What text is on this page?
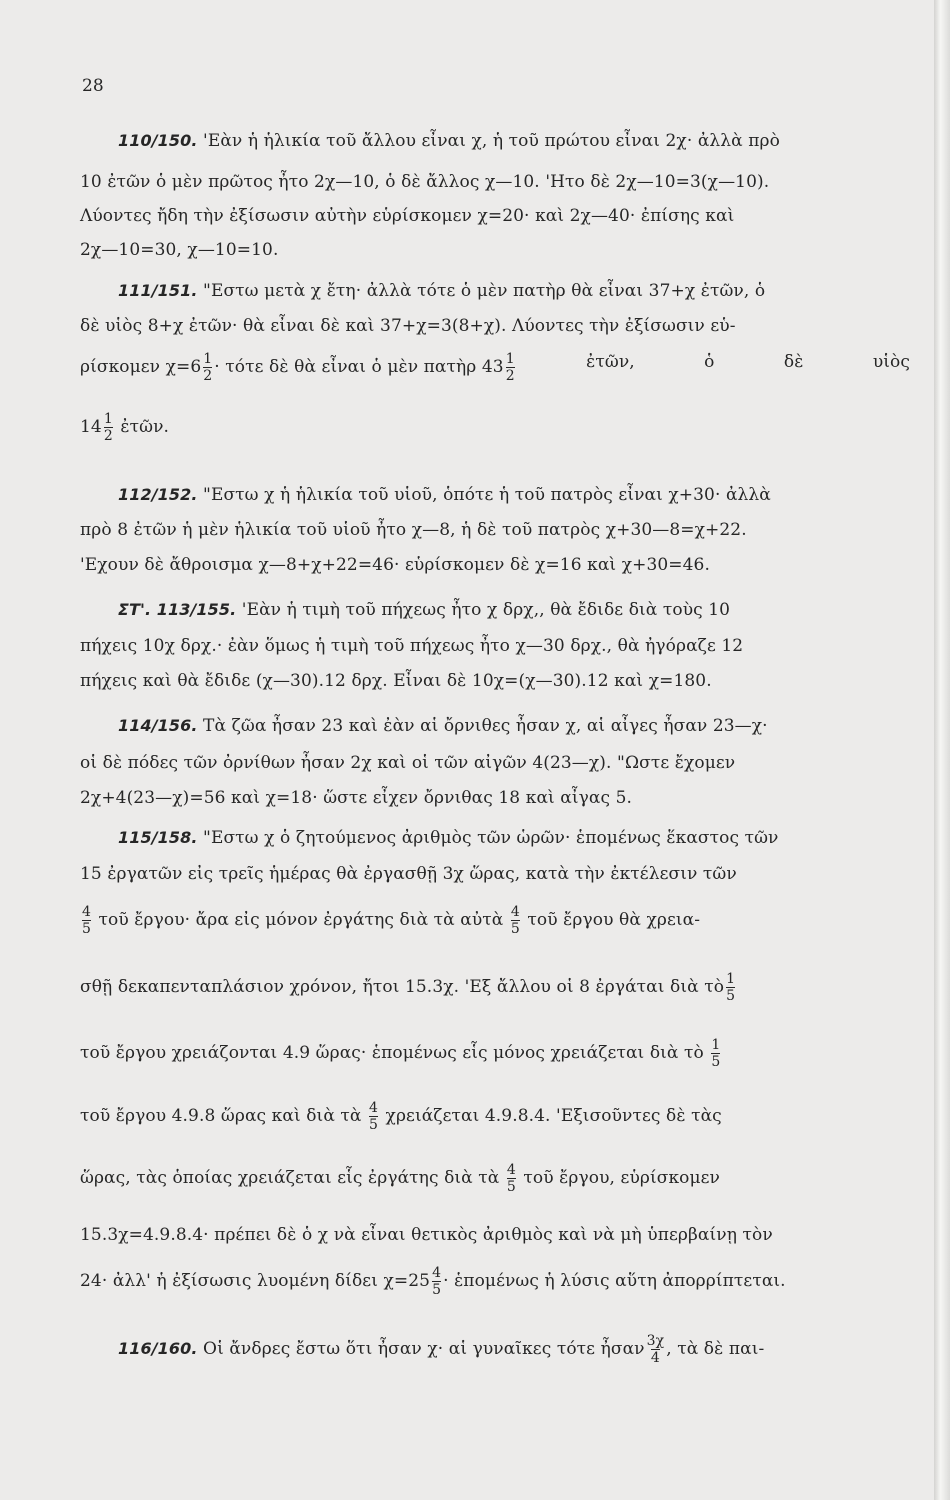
28
110/150. 'Εὰν ἡ ἡλικία τοῦ ἄλλου εἶναι χ, ἡ τοῦ πρώτου εἶναι 2χ· ἀλλὰ πρὸ
10 ἐτῶν ὁ μὲν πρῶτος ἦτο 2χ—10, ὁ δὲ ἄλλος χ—10. 'Ητο δὲ 2χ—10=3(χ—10).
Λύοντες ἤδη τὴν ἐξίσωσιν αὐτὴν εὑρίσκομεν χ=20· καὶ 2χ—40· ἐπίσης καὶ
2χ—10=30, χ—10=10.
111/151. "Εστω μετὰ χ ἔτη· ἀλλὰ τότε ὁ μὲν πατὴρ θὰ εἶναι 37+χ ἐτῶν, ὁ
δὲ υἱὸς 8+χ ἐτῶν· θὰ εἶναι δὲ καὶ 37+χ=3(8+χ). Λύοντες τὴν ἐξίσωσιν εὑ-
ρίσκομεν $\chi=6 \frac{1}{2} \cdot \tau ό\tau\varepsilon$ δὲ θὰ εἶναι ὁ μὲν πατὴρ $43 \frac{1}{2}$	ἐτῶν,	ὁ	δὲ	υἱὸς
$14 \frac{1}{2}$ ἐτῶν.
112/152. "Εστω χ ἡ ἡλικία τοῦ υἱοῦ, ὁπότε ἡ τοῦ πατρὸς εἶναι χ+30· ἀλλὰ
πρὸ 8 ἐτῶν ἡ μὲν ἡλικία τοῦ υἱοῦ ἦτο χ—8, ἡ δὲ τοῦ πατρὸς χ+30—8=χ+22.
'Εχουν δὲ ἄθροισμα χ—8+χ+22=46· εὑρίσκομεν δὲ χ=16 καὶ χ+30=46.
ΣΤ'. 113/155. 'Εὰν ἡ τιμὴ τοῦ πήχεως ἦτο χ δρχ,, θὰ ἔδιδε διὰ τοὺς 10
πήχεις 10χ δρχ.· ἐὰν ὅμως ἡ τιμὴ τοῦ πήχεως ἦτο χ—30 δρχ., θὰ ἠγόραζε 12
πήχεις καὶ θὰ ἔδιδε (χ—30).12 δρχ. Εἶναι δὲ 10χ=(χ—30).12 καὶ χ=180.
114/156. Τὰ ζῶα ἦσαν 23 καὶ ἐὰν αἱ ὄρνιθες ἦσαν χ, αἱ αἶγες ἦσαν 23—χ·
οἱ δὲ πόδες τῶν ὀρνίθων ἦσαν 2χ καὶ οἱ τῶν αἰγῶν 4(23—χ). "Ωστε ἔχομεν
2χ+4(23—χ)=56 καὶ χ=18· ὥστε εἶχεν ὄρνιθας 18 καὶ αἶγας 5.
115/158. "Εστω χ ὁ ζητούμενος ἀριθμὸς τῶν ὡρῶν· ἑπομένως ἕκαστος τῶν
15 ἐργατῶν εἰς τρεῖς ἡμέρας θὰ ἐργασθῇ 3χ ὥρας, κατὰ τὴν ἐκτέλεσιν τῶν
$\frac{4}{5}$ τοῦ ἔργου· ἄρα εἰς μόνον ἐργάτης διὰ τὰ αὐτὰ $\frac{4}{5}$ τοῦ ἔργου θὰ χρεια-
σθῇ δεκαπενταπλάσιον χρόνον, ἤτοι 15.3χ. 'Εξ ἄλλου οἱ 8 ἐργάται διὰ τὸ $\frac{1}{5}$
τοῦ ἔργου χρειάζονται 4.9 ὥρας· ἑπομένως εἷς μόνος χρειάζεται διὰ τὸ $\frac{1}{5}$
τοῦ ἔργου 4.9.8 ὥρας καὶ διὰ τὰ $\frac{4}{5}$ χρειάζεται 4.9.8.4. 'Εξισοῦντες δὲ τὰς
ὥρας, τὰς ὁποίας χρειάζεται εἷς ἐργάτης διὰ τὰ $\frac{4}{5}$ τοῦ ἔργου, εὑρίσκομεν
15.3χ=4.9.8.4· πρέπει δὲ ὁ χ νὰ εἶναι θετικὸς ἀριθμὸς καὶ νὰ μὴ ὑπερβαίνῃ τὸν
24· ἀλλ' ἡ ἐξίσωσις λυομένη δίδει $\chi=25 \frac{4}{5}$ · ἑπομένως ἡ λύσις αὕτη ἀπορρίπτεται.
116/160. Οἱ ἄνδρες ἔστω ὅτι ἦσαν χ· αἱ γυναῖκες τότε ἦσαν $\frac{3\chi}{4}$ , τὰ δὲ παι-
